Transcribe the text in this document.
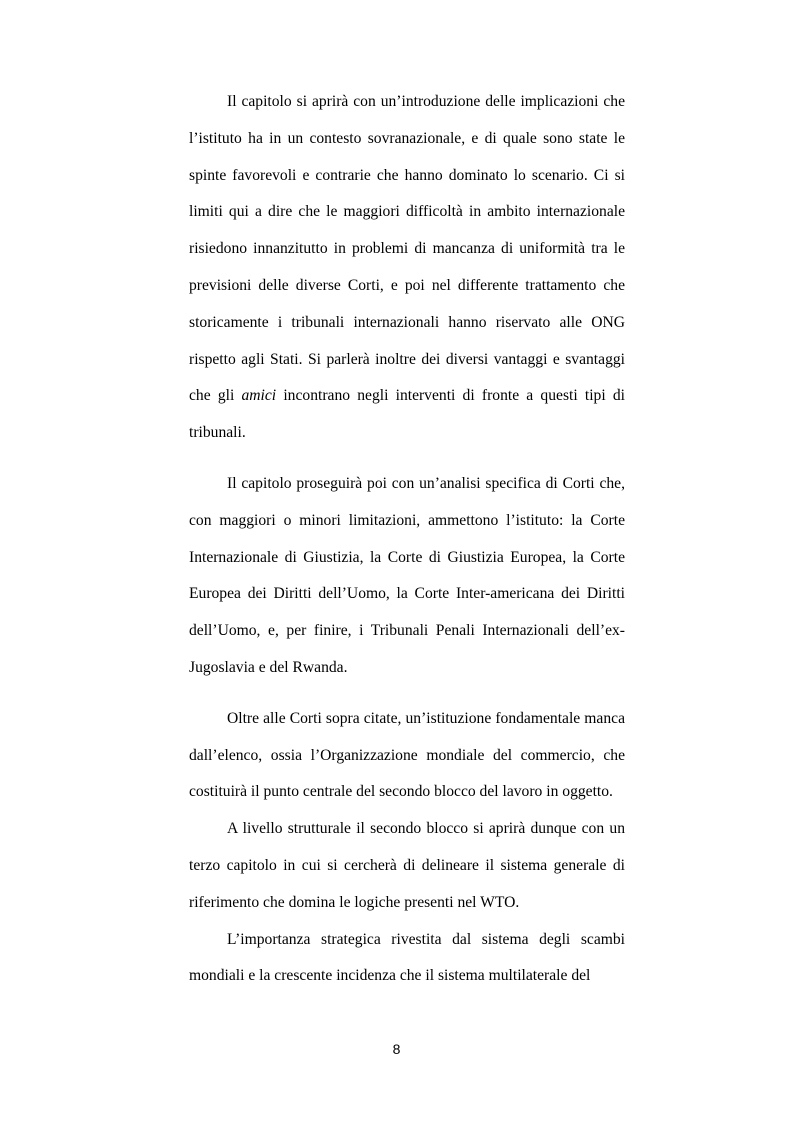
Il capitolo si aprirà con un’introduzione delle implicazioni che l’istituto ha in un contesto sovranazionale, e di quale sono state le spinte favorevoli e contrarie che hanno dominato lo scenario. Ci si limiti qui a dire che le maggiori difficoltà in ambito internazionale risiedono innanzitutto in problemi di mancanza di uniformità tra le previsioni delle diverse Corti, e poi nel differente trattamento che storicamente i tribunali internazionali hanno riservato alle ONG rispetto agli Stati. Si parlerà inoltre dei diversi vantaggi e svantaggi che gli amici incontrano negli interventi di fronte a questi tipi di tribunali.

Il capitolo proseguirà poi con un’analisi specifica di Corti che, con maggiori o minori limitazioni, ammettono l’istituto: la Corte Internazionale di Giustizia, la Corte di Giustizia Europea, la Corte Europea dei Diritti dell’Uomo, la Corte Inter-americana dei Diritti dell’Uomo, e, per finire, i Tribunali Penali Internazionali dell’ex-Jugoslavia e del Rwanda.

Oltre alle Corti sopra citate, un’istituzione fondamentale manca dall’elenco, ossia l’Organizzazione mondiale del commercio, che costituirà il punto centrale del secondo blocco del lavoro in oggetto.

A livello strutturale il secondo blocco si aprirà dunque con un terzo capitolo in cui si cercherà di delineare il sistema generale di riferimento che domina le logiche presenti nel WTO.

L’importanza strategica rivestita dal sistema degli scambi mondiali e la crescente incidenza che il sistema multilaterale del

8
